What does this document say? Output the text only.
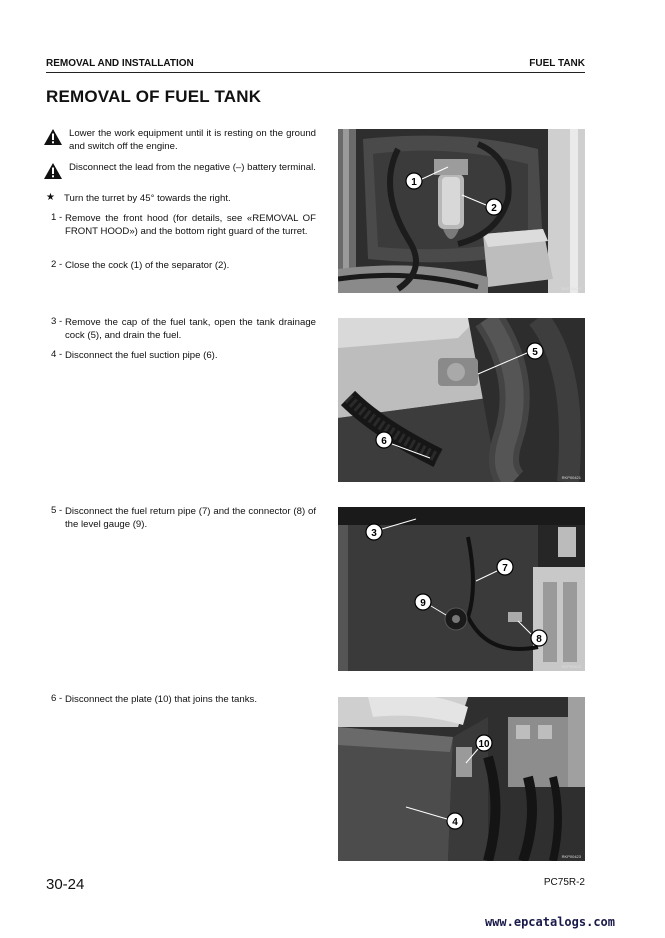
REMOVAL AND INSTALLATION	FUEL TANK
REMOVAL OF FUEL TANK
Lower the work equipment until it is resting on the ground and switch off the engine.
Disconnect the lead from the negative (–) battery terminal.
★ Turn the turret by 45° towards the right.
1 - Remove the front hood (for details, see «REMOVAL OF FRONT HOOD») and the bottom right guard of the turret.
2 - Close the cock (1) of the separator (2).
3 - Remove the cap of the fuel tank, open the tank drainage cock (5), and drain the fuel.
4 - Disconnect the fuel suction pipe (6).
5 - Disconnect the fuel return pipe (7) and the connector (8) of the level gauge (9).
6 - Disconnect the plate (10) that joins the tanks.
1
2
RKP00420
5
6
RKP00421
3
7
9
8
RKP00422
10
4
RKP00423
30-24	PC75R-2
www.epcatalogs.com
